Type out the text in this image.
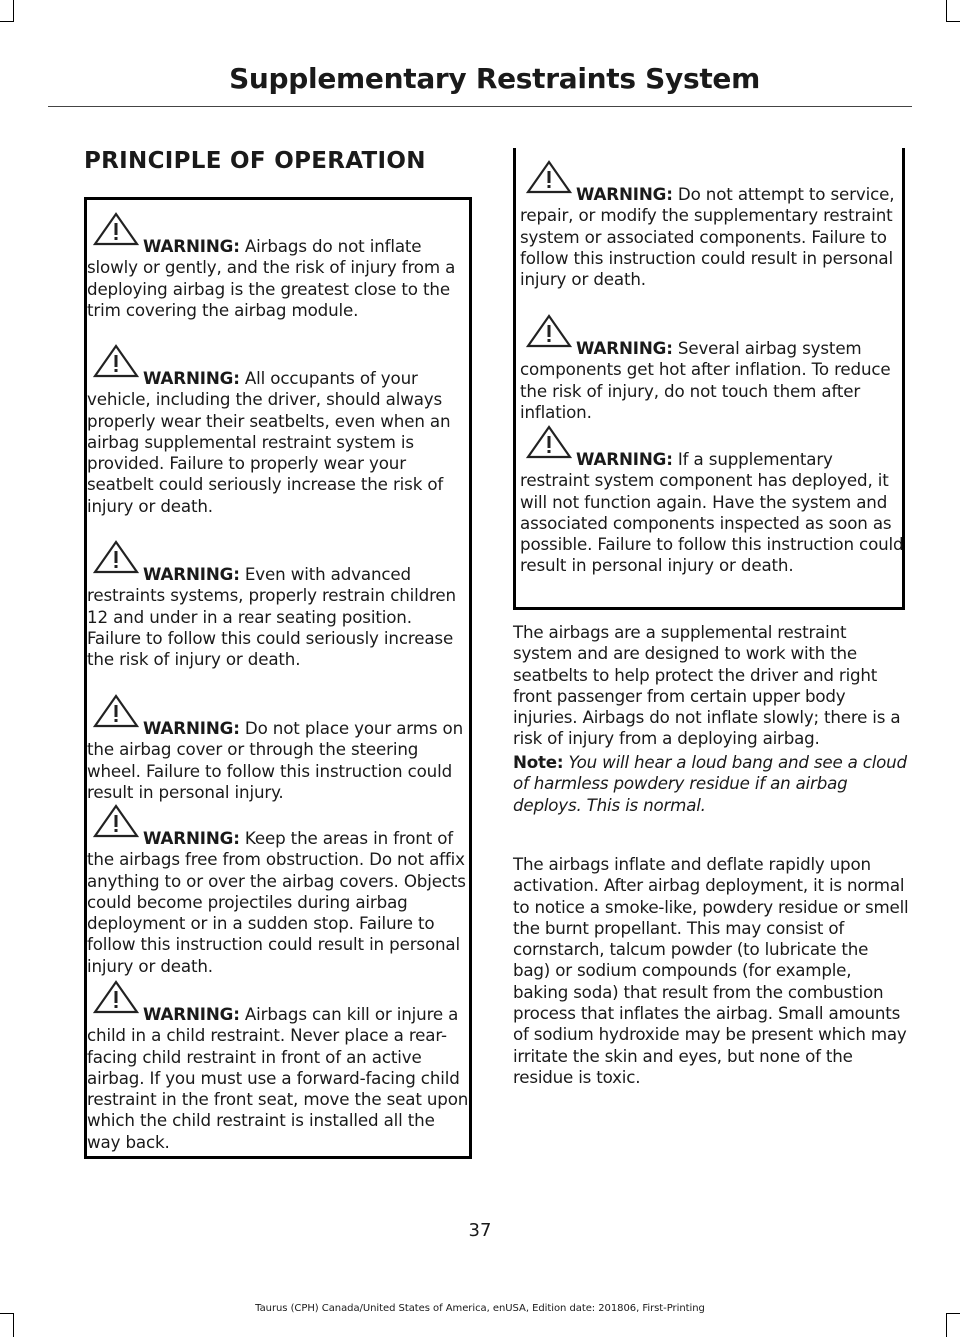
Supplementary Restraints System
PRINCIPLE OF OPERATION

WARNING: Airbags do not inflate slowly or gently, and the risk of injury from a deploying airbag is the greatest close to the trim covering the airbag module.

WARNING: All occupants of your vehicle, including the driver, should always properly wear their seatbelts, even when an airbag supplemental restraint system is provided. Failure to properly wear your seatbelt could seriously increase the risk of injury or death.

WARNING: Even with advanced restraints systems, properly restrain children 12 and under in a rear seating position. Failure to follow this could seriously increase the risk of injury or death.

WARNING: Do not place your arms on the airbag cover or through the steering wheel. Failure to follow this instruction could result in personal injury.

WARNING: Keep the areas in front of the airbags free from obstruction. Do not affix anything to or over the airbag covers. Objects could become projectiles during airbag deployment or in a sudden stop. Failure to follow this instruction could result in personal injury or death.

WARNING: Airbags can kill or injure a child in a child restraint. Never place a rear-facing child restraint in front of an active airbag. If you must use a forward-facing child restraint in the front seat, move the seat upon which the child restraint is installed all the way back.

WARNING: Do not attempt to service, repair, or modify the supplementary restraint system or associated components. Failure to follow this instruction could result in personal injury or death.

WARNING: Several airbag system components get hot after inflation. To reduce the risk of injury, do not touch them after inflation.

WARNING: If a supplementary restraint system component has deployed, it will not function again. Have the system and associated components inspected as soon as possible. Failure to follow this instruction could result in personal injury or death.

The airbags are a supplemental restraint system and are designed to work with the seatbelts to help protect the driver and right front passenger from certain upper body injuries. Airbags do not inflate slowly; there is a risk of injury from a deploying airbag.

Note: You will hear a loud bang and see a cloud of harmless powdery residue if an airbag deploys. This is normal.

The airbags inflate and deflate rapidly upon activation. After airbag deployment, it is normal to notice a smoke-like, powdery residue or smell the burnt propellant. This may consist of cornstarch, talcum powder (to lubricate the bag) or sodium compounds (for example, baking soda) that result from the combustion process that inflates the airbag. Small amounts of sodium hydroxide may be present which may irritate the skin and eyes, but none of the residue is toxic.

37
Taurus (CPH) Canada/United States of America, enUSA, Edition date: 201806, First-Printing
